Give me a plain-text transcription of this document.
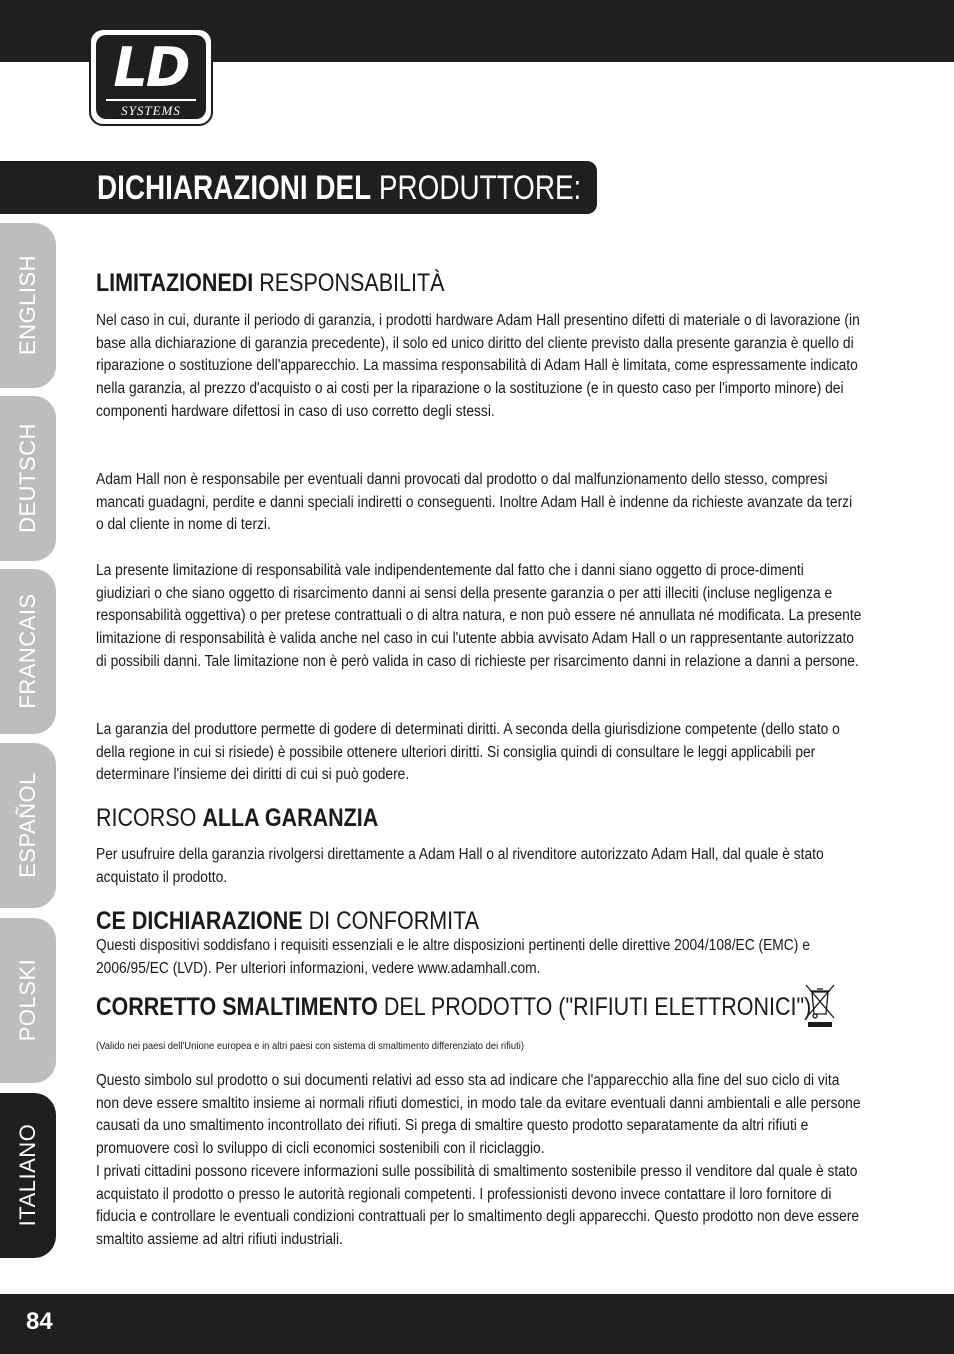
LD
SYSTEMS
DICHIARAZIONI DEL PRODUTTORE:
ENGLISH
DEUTSCH
FRANCAIS
ESPAÑOL
POLSKI
ITALIANO
LIMITAZIONEDI RESPONSABILITÀ

Nel caso in cui, durante il periodo di garanzia, i prodotti hardware Adam Hall presentino difetti di materiale o di lavorazione (in base alla dichiarazione di garanzia precedente), il solo ed unico diritto del cliente previsto dalla presente garanzia è quello di riparazione o sostituzione dell'apparecchio. La massima responsabilità di Adam Hall è limitata, come espressamente indicato nella garanzia, al prezzo d'acquisto o ai costi per la riparazione o la sostituzione (e in questo caso per l'importo minore) dei componenti hardware difettosi in caso di uso corretto degli stessi.

Adam Hall non è responsabile per eventuali danni provocati dal prodotto o dal malfunzionamento dello stesso, compresi mancati guadagni, perdite e danni speciali indiretti o conseguenti. Inoltre Adam Hall è indenne da richieste avanzate da terzi o dal cliente in nome di terzi.

La presente limitazione di responsabilità vale indipendentemente dal fatto che i danni siano oggetto di proce-dimenti giudiziari o che siano oggetto di risarcimento danni ai sensi della presente garanzia o per atti illeciti (incluse negligenza e responsabilità oggettiva) o per pretese contrattuali o di altra natura, e non può essere né annullata né modificata. La presente limitazione di responsabilità è valida anche nel caso in cui l'utente abbia avvisato Adam Hall o un rappresentante autorizzato di possibili danni. Tale limitazione non è però valida in caso di richieste per risarcimento danni in relazione a danni a persone.

La garanzia del produttore permette di godere di determinati diritti. A seconda della giurisdizione competente (dello stato o della regione in cui si risiede) è possibile ottenere ulteriori diritti. Si consiglia quindi di consultare le leggi applicabili per determinare l'insieme dei diritti di cui si può godere.

RICORSO ALLA GARANZIA

Per usufruire della garanzia rivolgersi direttamente a Adam Hall o al rivenditore autorizzato Adam Hall, dal quale è stato acquistato il prodotto.

CE DICHIARAZIONE DI CONFORMITA

Questi dispositivi soddisfano i requisiti essenziali e le altre disposizioni pertinenti delle direttive 2004/108/EC (EMC) e 2006/95/EC (LVD). Per ulteriori informazioni, vedere www.adamhall.com.

CORRETTO SMALTIMENTO DEL PRODOTTO ("RIFIUTI ELETTRONICI")
(Valido nei paesi dell'Unione europea e in altri paesi con sistema di smaltimento differenziato dei rifiuti)

Questo simbolo sul prodotto o sui documenti relativi ad esso sta ad indicare che l'apparecchio alla fine del suo ciclo di vita non deve essere smaltito insieme ai normali rifiuti domestici, in modo tale da evitare eventuali danni ambientali e alle persone causati da uno smaltimento incontrollato dei rifiuti. Si prega di smaltire questo prodotto separatamente da altri rifiuti e promuovere così lo sviluppo di cicli economici sostenibili con il riciclaggio.

I privati cittadini possono ricevere informazioni sulle possibilità di smaltimento sostenibile presso il venditore dal quale è stato acquistato il prodotto o presso le autorità regionali competenti. I professionisti devono invece contattare il loro fornitore di fiducia e controllare le eventuali condizioni contrattuali per lo smaltimento degli apparecchi. Questo prodotto non deve essere smaltito assieme ad altri rifiuti industriali.

84
